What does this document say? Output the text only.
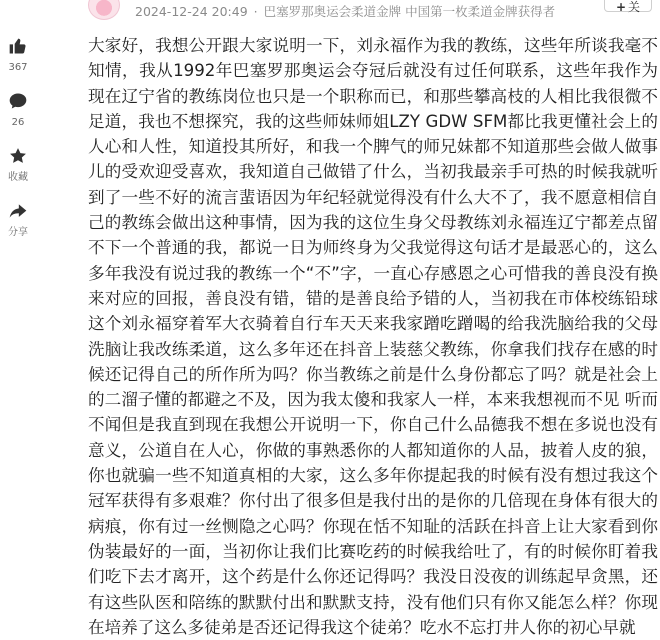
2024-12-24 20:49 · 巴塞罗那奥运会柔道金牌 中国第一枚柔道金牌获得者	+ 关
367
26
收藏
分享

大家好，我想公开跟大家说明一下，刘永福作为我的教练，这些年所谈我毫不知情，我从1992年巴塞罗那奥运会夺冠后就没有过任何联系，这些年我作为现在辽宁省的教练岗位也只是一个职称而已，和那些攀高枝的人相比我很微不足道，我也不想探究，我的这些师妹师姐LZY GDW SFM都比我更懂社会上的人心和人性，知道投其所好，和我一个脾气的师兄妹都不知道那些会做人做事儿的受欢迎受喜欢，我知道自己做错了什么，当初我最亲手可热的时候我就听到了一些不好的流言蜚语因为年纪轻就觉得没有什么大不了，我不愿意相信自己的教练会做出这种事情，因为我的这位生身父母教练刘永福连辽宁都差点留不下一个普通的我，都说一日为师终身为父我觉得这句话才是最恶心的，这么多年我没有说过我的教练一个“不”字，一直心存感恩之心可惜我的善良没有换来对应的回报，善良没有错，错的是善良给予错的人，当初我在市体校练铅球这个刘永福穿着军大衣骑着自行车天天来我家蹭吃蹭喝的给我洗脑给我的父母洗脑让我改练柔道，这么多年还在抖音上装慈父教练，你拿我们找存在感的时候还记得自己的所作所为吗？你当教练之前是什么身份都忘了吗？就是社会上的二溜子懂的都避之不及，因为我太傻和我家人一样，本来我想视而不见 听而不闻但是我直到现在我想公开说明一下，你自己什么品德我不想在多说也没有意义，公道自在人心，你做的事熟悉你的人都知道你的人品，披着人皮的狼，你也就骗一些不知道真相的大家，这么多年你提起我的时候有没有想过我这个冠军获得有多艰难？你付出了很多但是我付出的是你的几倍现在身体有很大的病痕，你有过一丝恻隐之心吗？你现在恬不知耻的活跃在抖音上让大家看到你伪装最好的一面，当初你让我们比赛吃药的时候我给吐了，有的时候你盯着我们吃下去才离开，这个药是什么你还记得吗？我没日没夜的训练起早贪黑，还有这些队医和陪练的默默付出和默默支持，没有他们只有你又能怎么样？你现在培养了这么多徒弟是否还记得我这个徒弟？吃水不忘打井人你的初心早就
